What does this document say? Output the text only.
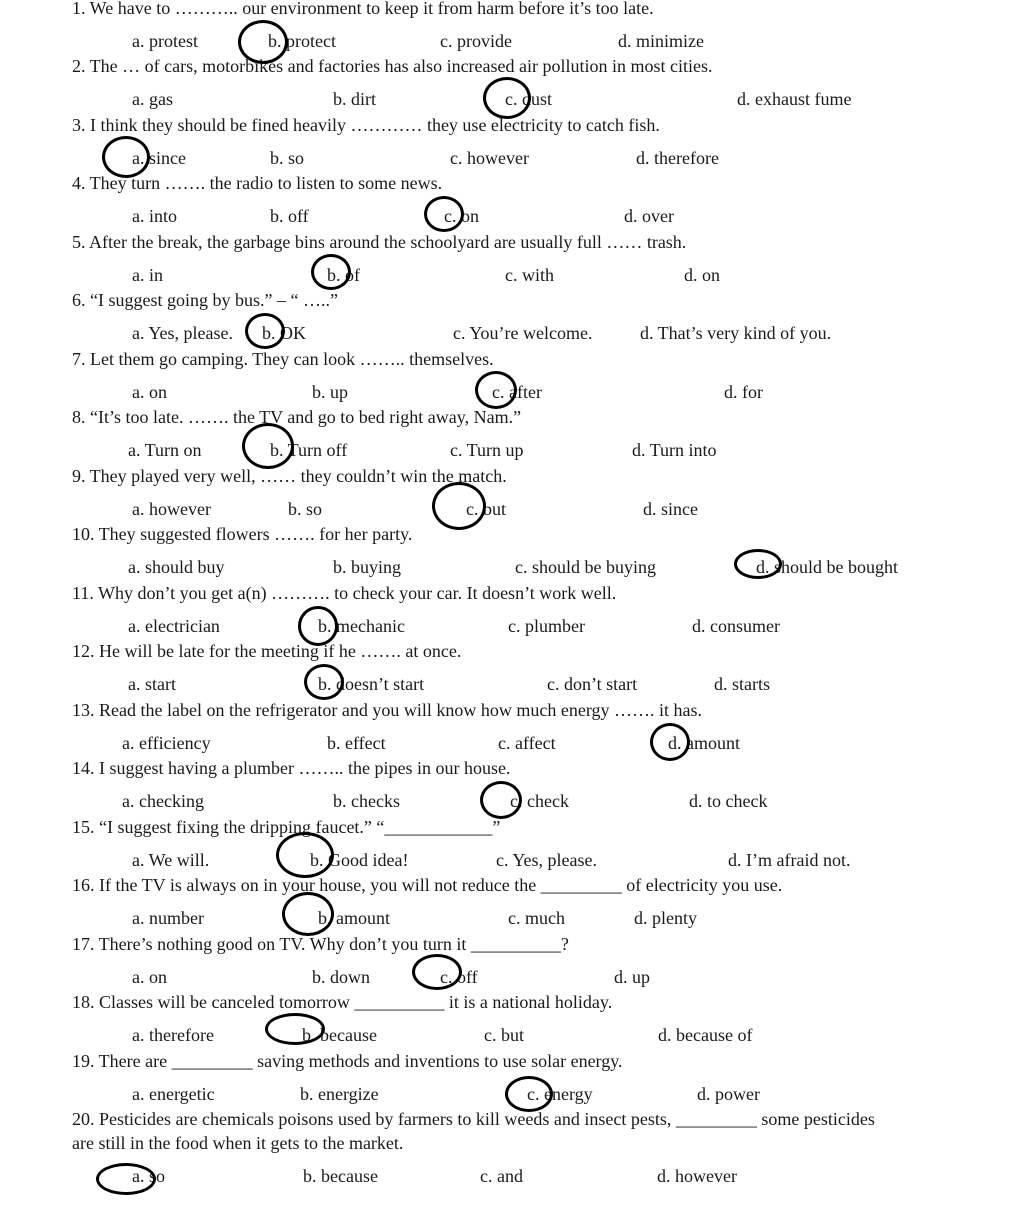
1. We have to ……….. our environment to keep it from harm before it’s too late.
2. The … of cars, motorbikes and factories has also increased air pollution in most cities.
3. I think they should be fined heavily ………… they use electricity to catch fish.
4. They turn ……. the radio to listen to some news.
5. After the break, the garbage bins around the schoolyard are usually full …… trash.
6. “I suggest going by bus.” – “ …..”
7. Let them go camping. They can look …….. themselves.
8. “It’s too late. ……. the TV and go to bed right away, Nam.”
9. They played very well, …… they couldn’t win the match.
10. They suggested flowers ……. for her party.
11. Why don’t you get a(n) ………. to check your car. It doesn’t work well.
12. He will be late for the meeting if he ……. at once.
13. Read the label on the refrigerator and you will know how much energy ……. it has.
14. I suggest having a plumber …….. the pipes in our house.
15. “I suggest fixing the dripping faucet.” “____________”
16. If the TV is always on in your house, you will not reduce the _________ of electricity you use.
17. There’s nothing good on TV. Why don’t you turn it __________?
18. Classes will be canceled tomorrow __________ it is a national holiday.
19. There are _________ saving methods and inventions to use solar energy.
20. Pesticides are chemicals poisons used by farmers to kill weeds and insect pests, _________ some pesticides
are still in the food when it gets to the market.
a. protest	b. protect	c. provide	d. minimize
a. gas	b. dirt	c. dust	d. exhaust fume
a. since	b. so	c. however	d. therefore
a. into	b. off	c. on	d. over
a. in	b. of	c. with	d. on
a. Yes, please. b. OK	c. You’re welcome.	d. That’s very kind of you.
a. on	b. up	c. after	d. for
a. Turn on	b. Turn off	c. Turn up	d. Turn into
a. however	b. so	c. but	d. since
a. should buy	b. buying	c. should be buying	d. should be bought
a. electrician	b. mechanic	c. plumber	d. consumer
a. start	b. doesn’t start	c. don’t start	d. starts
a. efficiency	b. effect	c. affect	d. amount
a. checking	b. checks	c. check	d. to check
a. We will.	b. Good idea!	c. Yes, please.	d. I’m afraid not.
a. number	b. amount	c. much	d. plenty
a. on	b. down	c. off	d. up
a. therefore	b. because	c. but	d. because of
a. energetic	b. energize	c. energy	d. power
a. so	b. because	c. and	d. however
